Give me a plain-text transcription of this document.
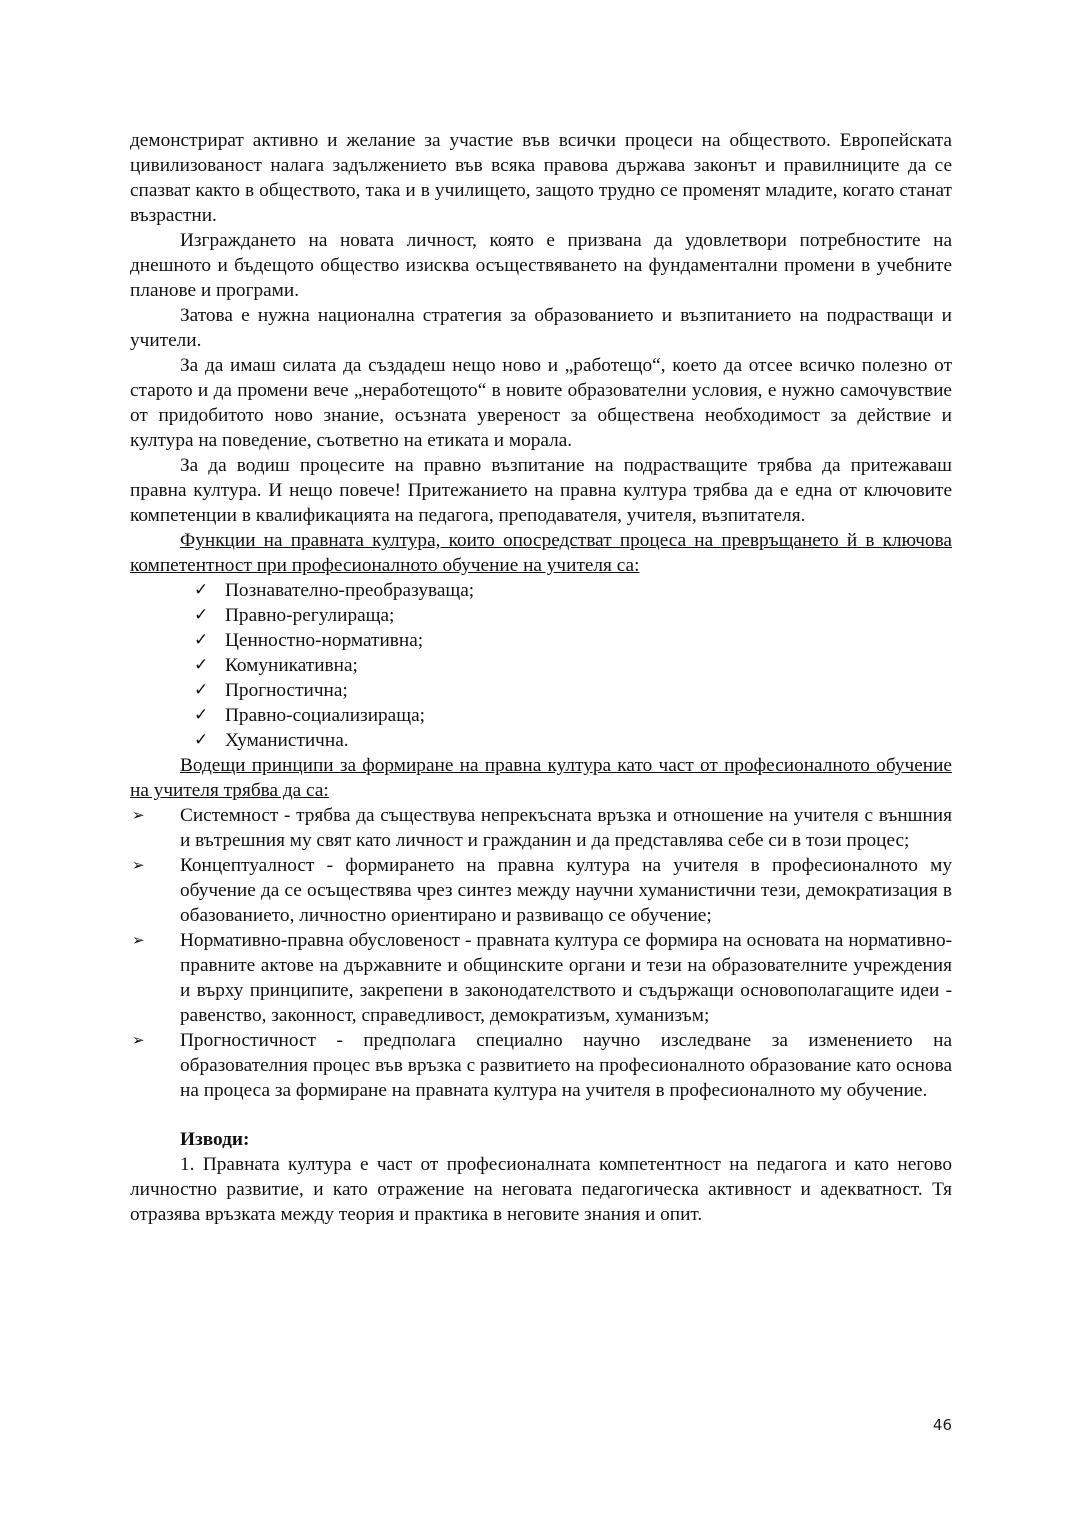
демонстрират активно и желание за участие във всички процеси на обществото. Европейската цивилизованост налага задължението във всяка правова държава законът и правилниците да се спазват както в обществото, така и в училището, защото трудно се променят младите, когато станат възрастни.

Изграждането на новата личност, която е призвана да удовлетвори потребностите на днешното и бъдещото общество изисква осъществяването на фундаментални промени в учебните планове и програми.

Затова е нужна национална стратегия за образованието и възпитанието на подрастващи и учители.

За да имаш силата да създадеш нещо ново и „работещо“, което да отсее всичко полезно от старото и да промени вече „неработещото“ в новите образователни условия, е нужно самочувствие от придобитото ново знание, осъзната увереност за обществена необходимост за действие и култура на поведение, съответно на етиката и морала.

За да водиш процесите на правно възпитание на подрастващите трябва да притежаваш правна култура. И нещо повече! Притежанието на правна култура трябва да е една от ключовите компетенции в квалификацията на педагога, преподавателя, учителя, възпитателя.

Функции на правната култура, които опосредстват процеса на превръщането й в ключова компетентност при професионалното обучение на учителя са:

✓ Познавателно-преобразуваща;
✓ Правно-регулираща;
✓ Ценностно-нормативна;
✓ Комуникативна;
✓ Прогностична;
✓ Правно-социализираща;
✓ Хуманистична.

Водещи принципи за формиране на правна култура като част от професионалното обучение на учителя трябва да са:

➢ Системност - трябва да съществува непрекъсната връзка и отношение на учителя с външния и вътрешния му свят като личност и гражданин и да представлява себе си в този процес;
➢ Концептуалност - формирането на правна култура на учителя в професионалното му обучение да се осъществява чрез синтез между научни хуманистични тези, демократизация в обазованието, личностно ориентирано и развиващо се обучение;
➢ Нормативно-правна обусловеност - правната култура се формира на основата на нормативно-правните актове на държавните и общинските органи и тези на образователните учреждения и върху принципите, закрепени в законодателството и съдържащи основополагащите идеи - равенство, законност, справедливост, демократизъм, хуманизъм;
➢ Прогностичност - предполага специално научно изследване за изменението на образователния процес във връзка с развитието на професионалното образование като основа на процеса за формиране на правната култура на учителя в професионалното му обучение.

Изводи:

1. Правната култура е част от професионалната компетентност на педагога и като негово личностно развитие, и като отражение на неговата педагогическа активност и адекватност. Тя отразява връзката между теория и практика в неговите знания и опит.

46
